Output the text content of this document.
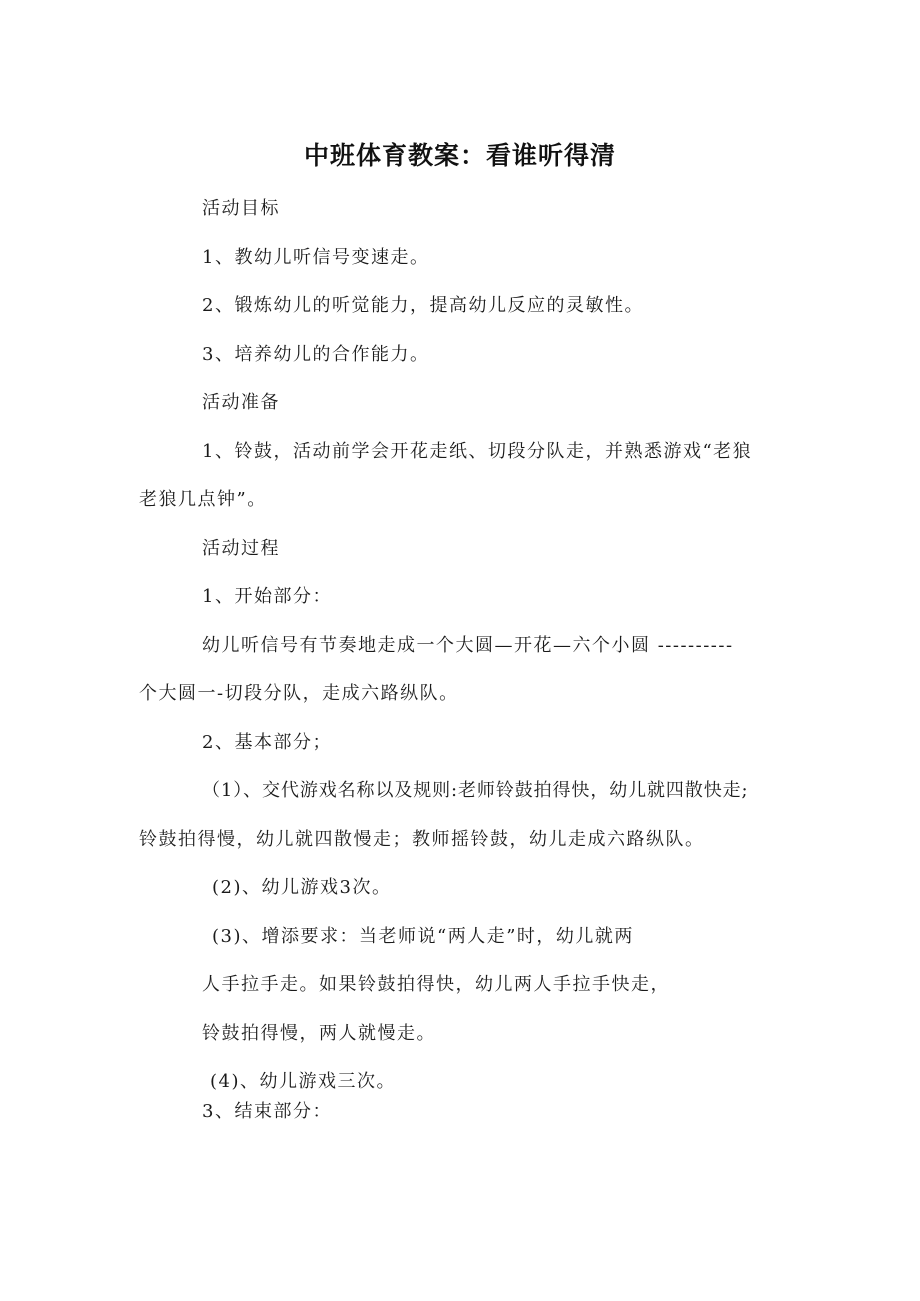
中班体育教案：看谁听得清
活动目标
1、教幼儿听信号变速走。
2、锻炼幼儿的听觉能力，提高幼儿反应的灵敏性。
3、培养幼儿的合作能力。
活动准备
1、铃鼓，活动前学会开花走纸、切段分队走，并熟悉游戏“老狼
老狼几点钟”。
活动过程
1、开始部分：
幼儿听信号有节奏地走成一个大圆—开花—六个小圆 ----------
个大圆一-切段分队，走成六路纵队。
2、基本部分；
（1）、交代游戏名称以及规则:老师铃鼓拍得快，幼儿就四散快走;
铃鼓拍得慢，幼儿就四散慢走；教师摇铃鼓，幼儿走成六路纵队。
(2)、幼儿游戏3次。
(3)、增添要求：当老师说“两人走”时，幼儿就两
人手拉手走。如果铃鼓拍得快，幼儿两人手拉手快走，
铃鼓拍得慢，两人就慢走。
(4)、幼儿游戏三次。
3、结束部分：
